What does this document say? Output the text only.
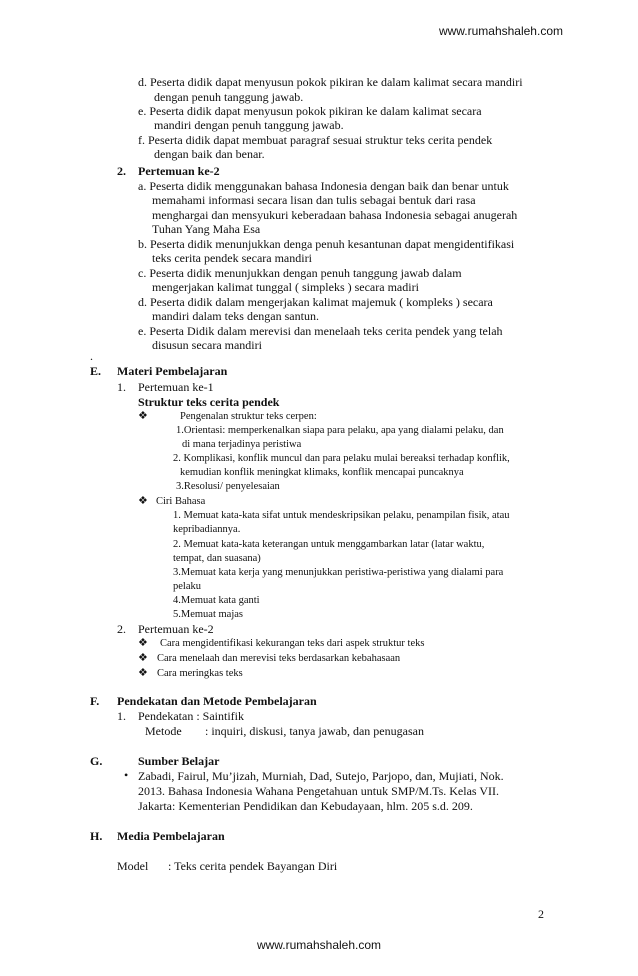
www.rumahshaleh.com
d. Peserta didik dapat menyusun pokok pikiran ke dalam kalimat secara mandiri
dengan penuh tanggung jawab.
e. Peserta didik dapat menyusun pokok pikiran ke dalam kalimat secara
mandiri dengan penuh tanggung jawab.
f. Peserta didik dapat membuat paragraf sesuai struktur teks cerita pendek
dengan baik dan benar.
2. Pertemuan ke-2
a. Peserta didik menggunakan bahasa Indonesia dengan baik dan benar untuk
memahami informasi secara lisan dan tulis sebagai bentuk dari rasa
menghargai dan mensyukuri keberadaan bahasa Indonesia sebagai anugerah
Tuhan Yang Maha Esa
b. Peserta didik menunjukkan denga penuh kesantunan dapat mengidentifikasi
teks cerita pendek secara mandiri
c. Peserta didik menunjukkan dengan penuh tanggung jawab dalam
mengerjakan kalimat tunggal ( simpleks ) secara madiri
d. Peserta didik dalam mengerjakan kalimat majemuk ( kompleks ) secara
mandiri dalam teks dengan santun.
e. Peserta Didik dalam merevisi dan menelaah teks cerita pendek yang telah
disusun secara mandiri
.
E. Materi Pembelajaran
1. Pertemuan ke-1
Struktur teks cerita pendek
❖	Pengenalan struktur teks cerpen:
1.Orientasi: memperkenalkan siapa para pelaku, apa yang dialami pelaku, dan
di mana terjadinya peristiwa
2. Komplikasi, konflik muncul dan para pelaku mulai bereaksi terhadap konflik,
kemudian konflik meningkat klimaks, konflik mencapai puncaknya
3.Resolusi/ penyelesaian
❖ Ciri Bahasa
1. Memuat kata-kata sifat untuk mendeskripsikan pelaku, penampilan fisik, atau
kepribadiannya.
2. Memuat kata-kata keterangan untuk menggambarkan latar (latar waktu,
tempat, dan suasana)
3.Memuat kata kerja yang menunjukkan peristiwa-peristiwa yang dialami para
pelaku
4.Memuat kata ganti
5.Memuat majas
2. Pertemuan ke-2
❖ Cara mengidentifikasi kekurangan teks dari aspek struktur teks
❖ Cara menelaah dan merevisi teks berdasarkan kebahasaan
❖ Cara meringkas teks
F. Pendekatan dan Metode Pembelajaran
1. Pendekatan : Saintifik
Metode : inquiri, diskusi, tanya jawab, dan penugasan
G.	Sumber Belajar
• Zabadi, Fairul, Mu’jizah, Murniah, Dad, Sutejo, Parjopo, dan, Mujiati, Nok.
2013. Bahasa Indonesia Wahana Pengetahuan untuk SMP/M.Ts. Kelas VII.
Jakarta: Kementerian Pendidikan dan Kebudayaan, hlm. 205 s.d. 209.
H. Media Pembelajaran
Model : Teks cerita pendek Bayangan Diri
2
www.rumahshaleh.com
